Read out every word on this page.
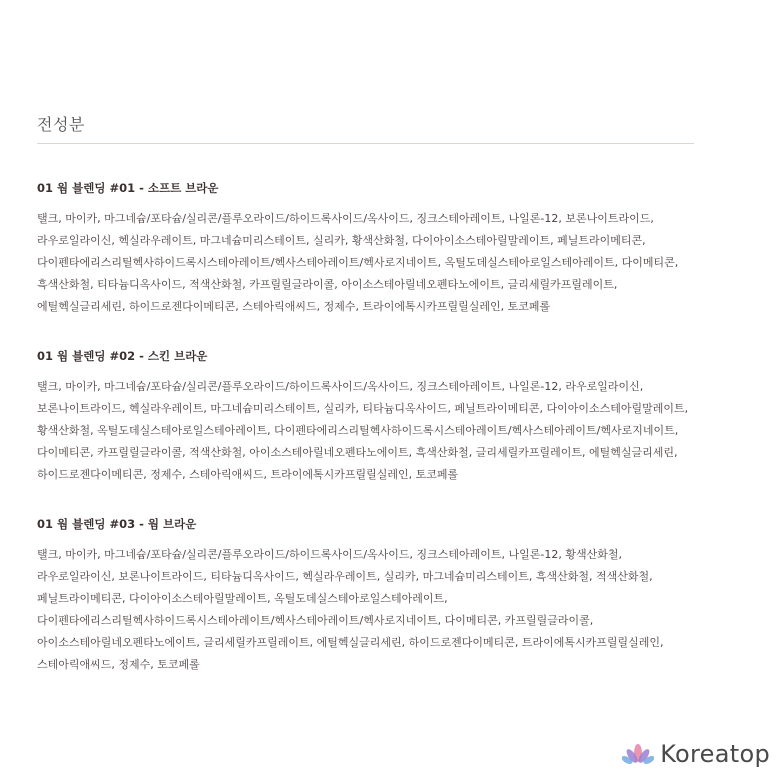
전성분
01 웜 블렌딩 #01 - 소프트 브라운
탤크, 마이카, 마그네슘/포타슘/실리콘/플루오라이드/하이드록사이드/옥사이드, 징크스테아레이트, 나일론-12, 보론나이트라이드,
라우로일라이신, 헥실라우레이트, 마그네슘미리스테이트, 실리카, 황색산화철, 다이아이소스테아릴말레이트, 페닐트라이메티콘,
다이펜타에리스리틸헥사하이드록시스테아레이트/헥사스테아레이트/헥사로지네이트, 옥틸도데실스테아로일스테아레이트, 다이메티콘,
흑색산화철, 티타늄디옥사이드, 적색산화철, 카프릴릴글라이콜, 아이소스테아릴네오펜타노에이트, 글리세릴카프릴레이트,
에틸헥실글리세린, 하이드로젠다이메티콘, 스테아릭애씨드, 정제수, 트라이에톡시카프릴릴실레인, 토코페롤
01 웜 블렌딩 #02 - 스킨 브라운
탤크, 마이카, 마그네슘/포타슘/실리콘/플루오라이드/하이드록사이드/옥사이드, 징크스테아레이트, 나일론-12, 라우로일라이신,
보론나이트라이드, 헥실라우레이트, 마그네슘미리스테이트, 실리카, 티타늄디옥사이드, 페닐트라이메티콘, 다이아이소스테아릴말레이트,
황색산화철, 옥틸도데실스테아로일스테아레이트, 다이펜타에리스리틸헥사하이드록시스테아레이트/헥사스테아레이트/헥사로지네이트,
다이메티콘, 카프릴릴글라이콜, 적색산화철, 아이소스테아릴네오펜타노에이트, 흑색산화철, 글리세릴카프릴레이트, 에틸헥실글리세린,
하이드로젠다이메티콘, 정제수, 스테아릭애씨드, 트라이에톡시카프릴릴실레인, 토코페롤
01 웜 블렌딩 #03 - 웜 브라운
탤크, 마이카, 마그네슘/포타슘/실리콘/플루오라이드/하이드록사이드/옥사이드, 징크스테아레이트, 나일론-12, 황색산화철,
라우로일라이신, 보론나이트라이드, 티타늄디옥사이드, 헥실라우레이트, 실리카, 마그네슘미리스테이트, 흑색산화철, 적색산화철,
페닐트라이메티콘, 다이아이소스테아릴말레이트, 옥틸도데실스테아로일스테아레이트,
다이펜타에리스리틸헥사하이드록시스테아레이트/헥사스테아레이트/헥사로지네이트, 다이메티콘, 카프릴릴글라이콜,
아이소스테아릴네오펜타노에이트, 글리세릴카프릴레이트, 에틸헥실글리세린, 하이드로젠다이메티콘, 트라이에톡시카프릴릴실레인,
스테아릭애씨드, 정제수, 토코페롤
Koreatop
